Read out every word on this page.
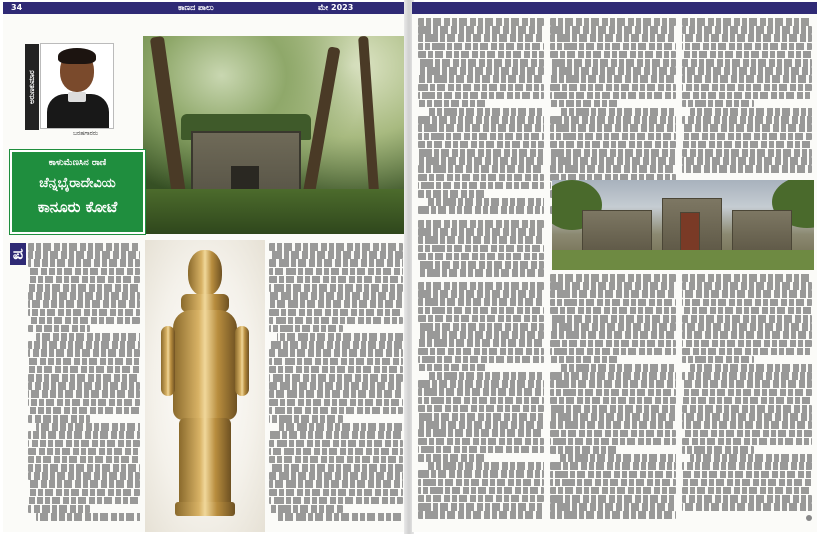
34	ಕಾಣದ ಪಾಲು	ಮೇ 2023
ಅರುಣಕುಮಾರ
ಬರಹಗಾರರು
ಕಾಳುಮೆಣಸಿನ ರಾಣಿ
ಚೆನ್ನಭೈರಾದೇವಿಯ
ಕಾನೂರು ಕೋಟೆ
ಪ
